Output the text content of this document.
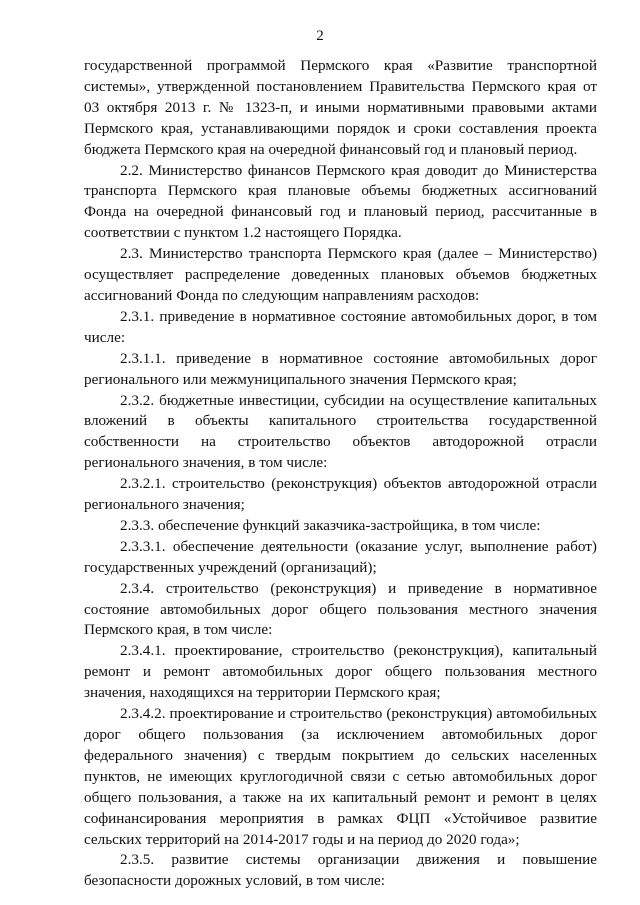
2

государственной программой Пермского края «Развитие транспортной системы», утвержденной постановлением Правительства Пермского края от 03 октября 2013 г. № 1323-п, и иными нормативными правовыми актами Пермского края, устанавливающими порядок и сроки составления проекта бюджета Пермского края на очередной финансовый год и плановый период.

2.2. Министерство финансов Пермского края доводит до Министерства транспорта Пермского края плановые объемы бюджетных ассигнований Фонда на очередной финансовый год и плановый период, рассчитанные в соответствии с пунктом 1.2 настоящего Порядка.

2.3. Министерство транспорта Пермского края (далее – Министерство) осуществляет распределение доведенных плановых объемов бюджетных ассигнований Фонда по следующим направлениям расходов:

2.3.1. приведение в нормативное состояние автомобильных дорог, в том числе:

2.3.1.1. приведение в нормативное состояние автомобильных дорог регионального или межмуниципального значения Пермского края;

2.3.2. бюджетные инвестиции, субсидии на осуществление капитальных вложений в объекты капитального строительства государственной собственности на строительство объектов автодорожной отрасли регионального значения, в том числе:

2.3.2.1. строительство (реконструкция) объектов автодорожной отрасли регионального значения;

2.3.3. обеспечение функций заказчика-застройщика, в том числе:

2.3.3.1. обеспечение деятельности (оказание услуг, выполнение работ) государственных учреждений (организаций);

2.3.4. строительство (реконструкция) и приведение в нормативное состояние автомобильных дорог общего пользования местного значения Пермского края, в том числе:

2.3.4.1. проектирование, строительство (реконструкция), капитальный ремонт и ремонт автомобильных дорог общего пользования местного значения, находящихся на территории Пермского края;

2.3.4.2. проектирование и строительство (реконструкция) автомобильных дорог общего пользования (за исключением автомобильных дорог федерального значения) с твердым покрытием до сельских населенных пунктов, не имеющих круглогодичной связи с сетью автомобильных дорог общего пользования, а также на их капитальный ремонт и ремонт в целях софинансирования мероприятия в рамках ФЦП «Устойчивое развитие сельских территорий на 2014-2017 годы и на период до 2020 года»;

2.3.5. развитие системы организации движения и повышение безопасности дорожных условий, в том числе:
